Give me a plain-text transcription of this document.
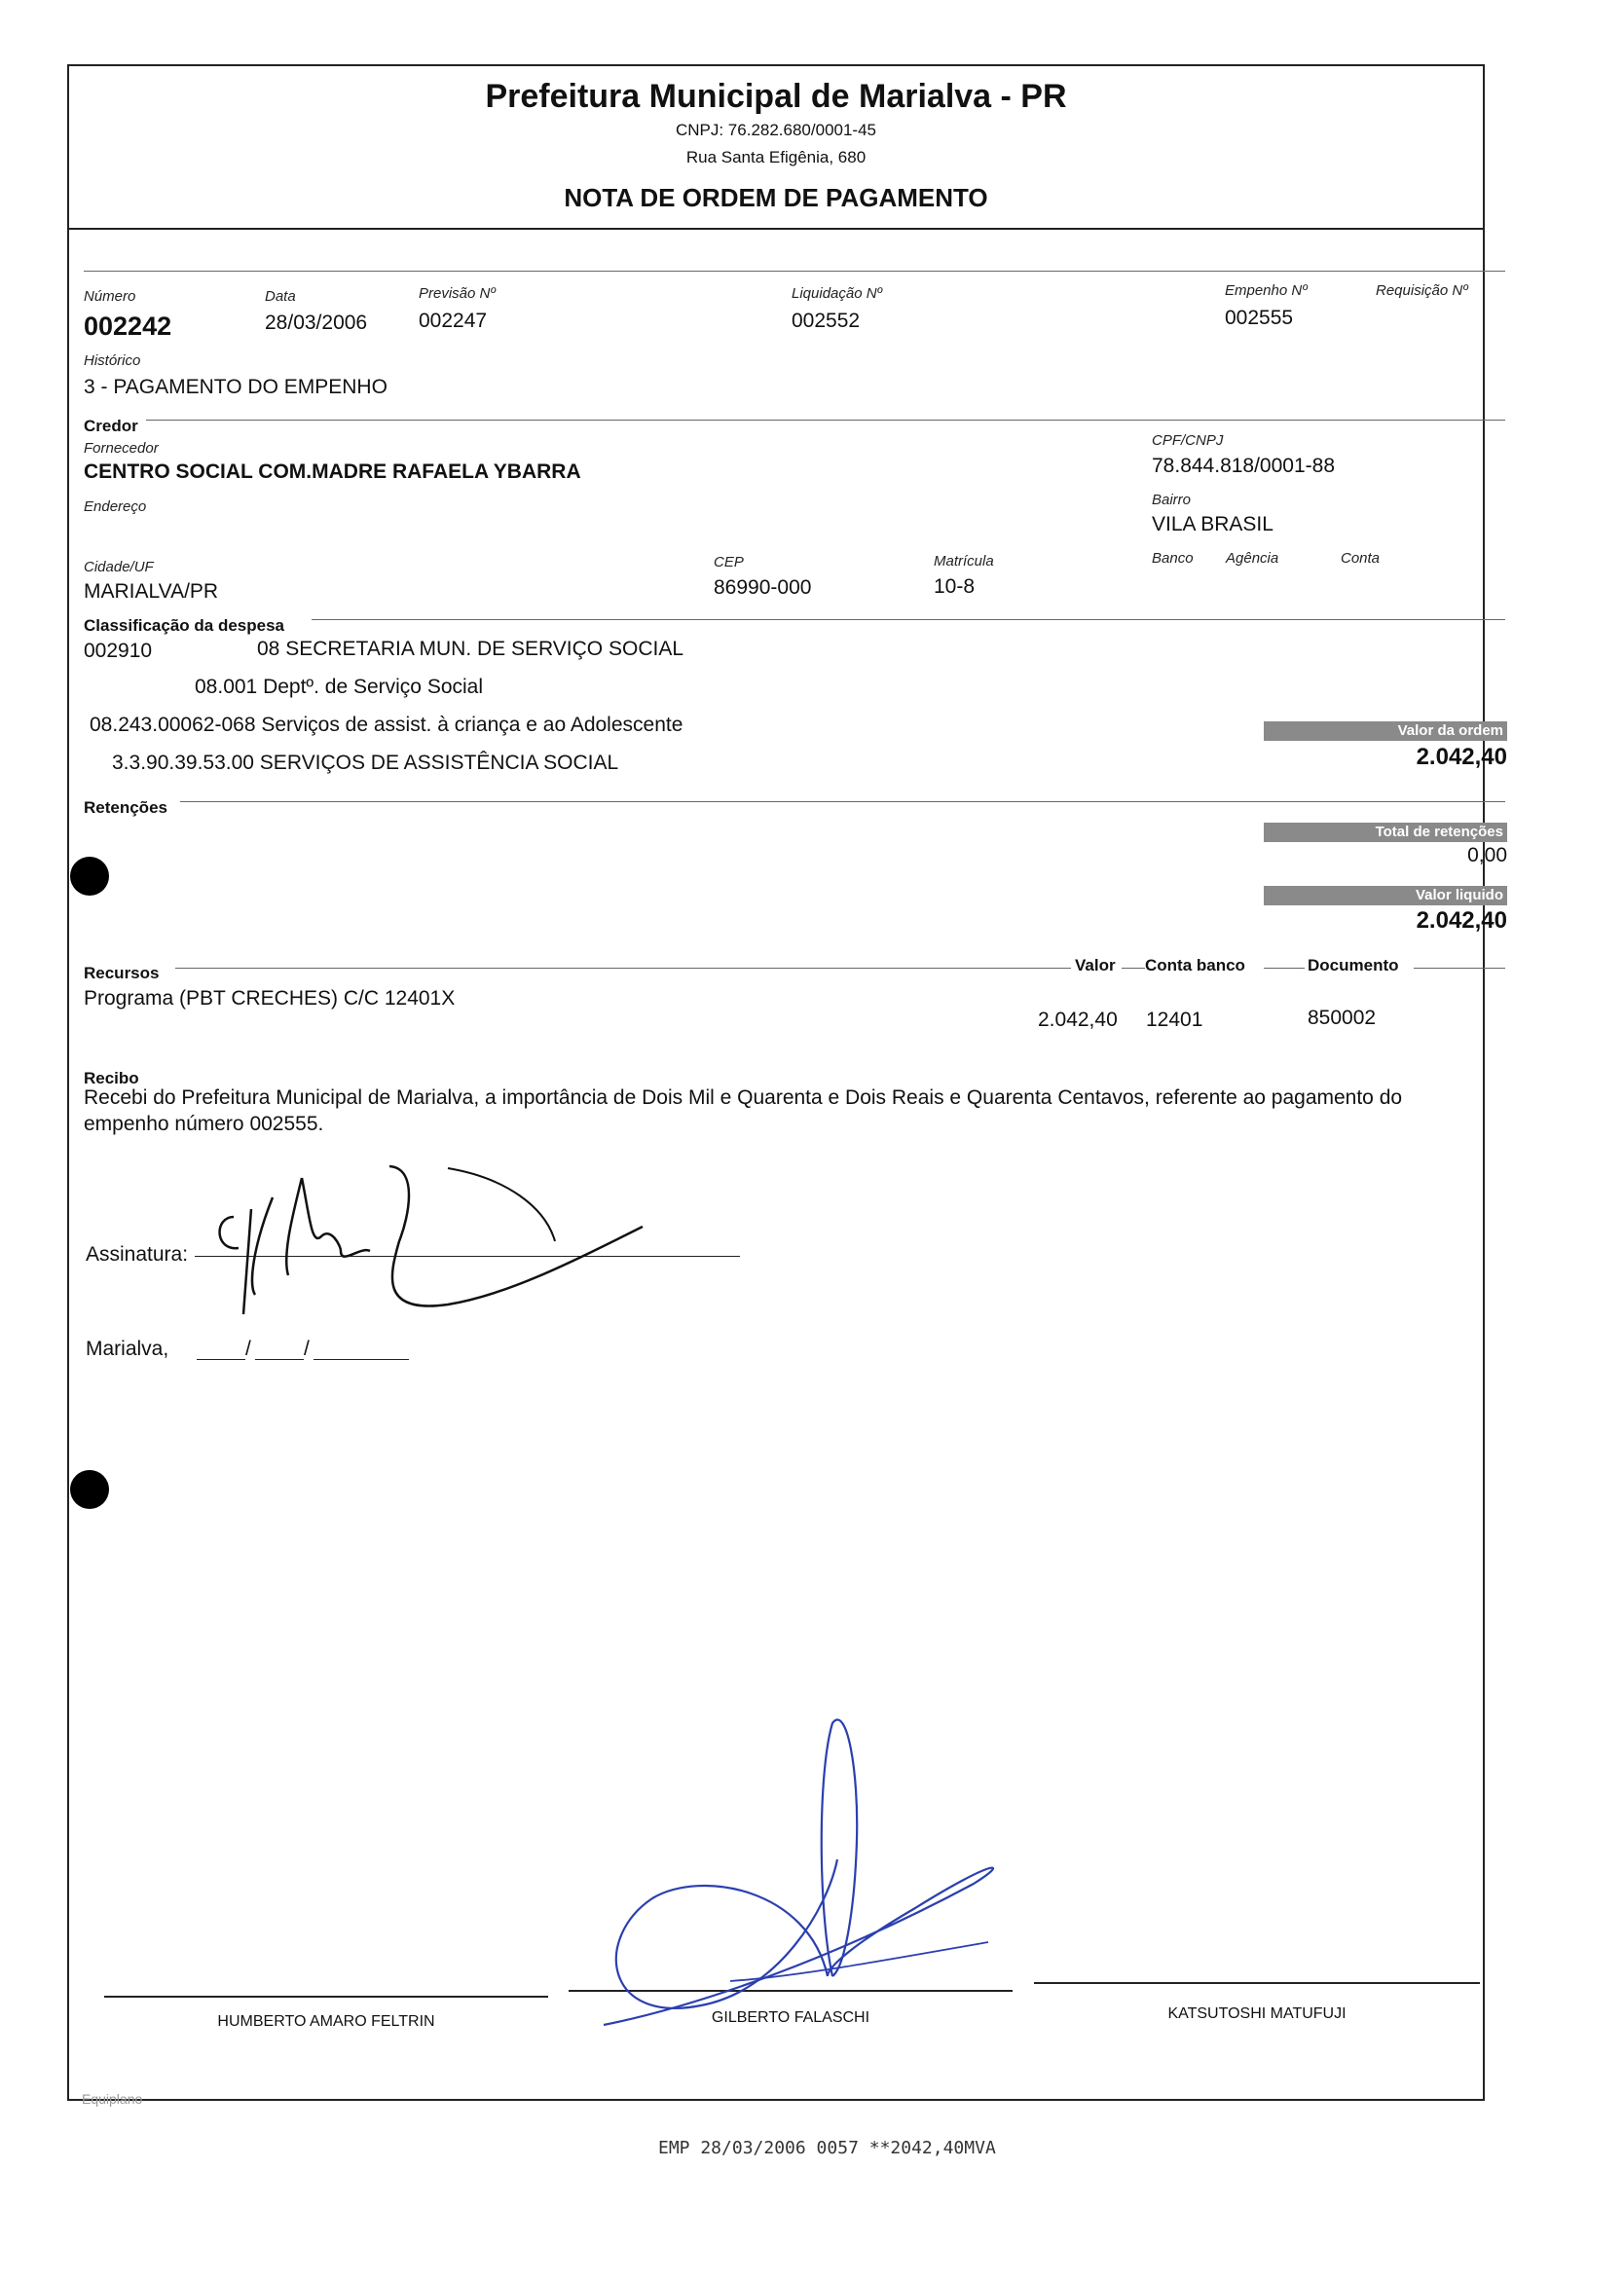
Prefeitura Municipal de Marialva - PR
CNPJ: 76.282.680/0001-45
Rua Santa Efigênia, 680
NOTA DE ORDEM DE PAGAMENTO
Número
002242
Data
28/03/2006
Previsão Nº
002247
Liquidação Nº
002552
Empenho Nº
002555
Requisição Nº
Histórico
3 - PAGAMENTO DO EMPENHO
Credor
Fornecedor
CENTRO SOCIAL COM.MADRE RAFAELA YBARRA
CPF/CNPJ
78.844.818/0001-88
Endereço	Bairro
VILA BRASIL
Cidade/UF
MARIALVA/PR
CEP
86990-000
Matrícula
10-8
Banco Agência	Conta
Classificação da despesa
002910	08 SECRETARIA MUN. DE SERVIÇO SOCIAL
08.001 Deptº. de Serviço Social
08.243.00062-068 Serviços de assist. à criança e ao Adolescente
3.3.90.39.53.00 SERVIÇOS DE ASSISTÊNCIA SOCIAL
Valor da ordem
2.042,40
Retenções
Total de retenções
0,00
Valor liquido
2.042,40
Recursos	Valor Conta banco	Documento
Programa (PBT CRECHES) C/C 12401X
2.042,40 12401	850002
Recibo
Recebi do Prefeitura Municipal de Marialva, a importância de Dois Mil e Quarenta e Dois Reais e Quarenta Centavos, referente ao pagamento do empenho número 002555.
Assinatura:
Marialva,	/	/
HUMBERTO AMARO FELTRIN	GILBERTO FALASCHI	KATSUTOSHI MATUFUJI
Equiplano
EMP 28/03/2006 0057 **2042,40MVA
